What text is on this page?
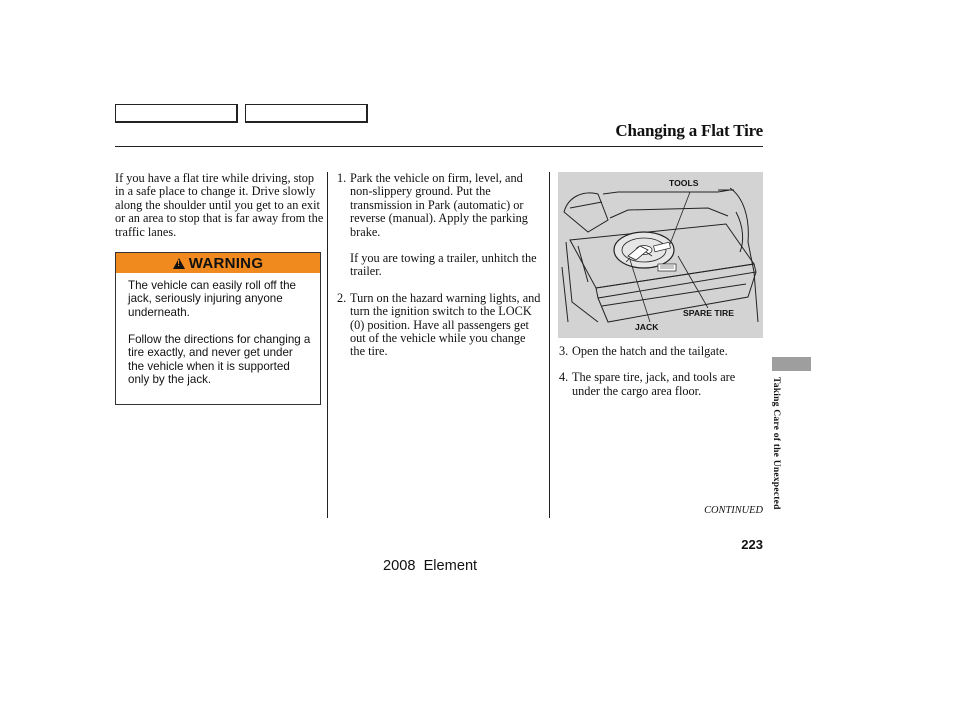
Changing a Flat Tire

If you have a flat tire while driving, stop in a safe place to change it. Drive slowly along the shoulder until you get to an exit or an area to stop that is far away from the traffic lanes.

!
WARNING

The vehicle can easily roll off the jack, seriously injuring anyone underneath.

Follow the directions for changing a tire exactly, and never get under the vehicle when it is supported only by the jack.

1. Park the vehicle on firm, level, and non-slippery ground. Put the transmission in Park (automatic) or reverse (manual). Apply the parking brake.
If you are towing a trailer, unhitch the trailer.
2. Turn on the hazard warning lights, and turn the ignition switch to the LOCK (0) position. Have all passengers get out of the vehicle while you change the tire.
TOOLS
SPARE TIRE
JACK
3. Open the hatch and the tailgate.
4. The spare tire, jack, and tools are under the cargo area floor.	Taking Care of the Unexpected
CONTINUED
223
2008  Element
